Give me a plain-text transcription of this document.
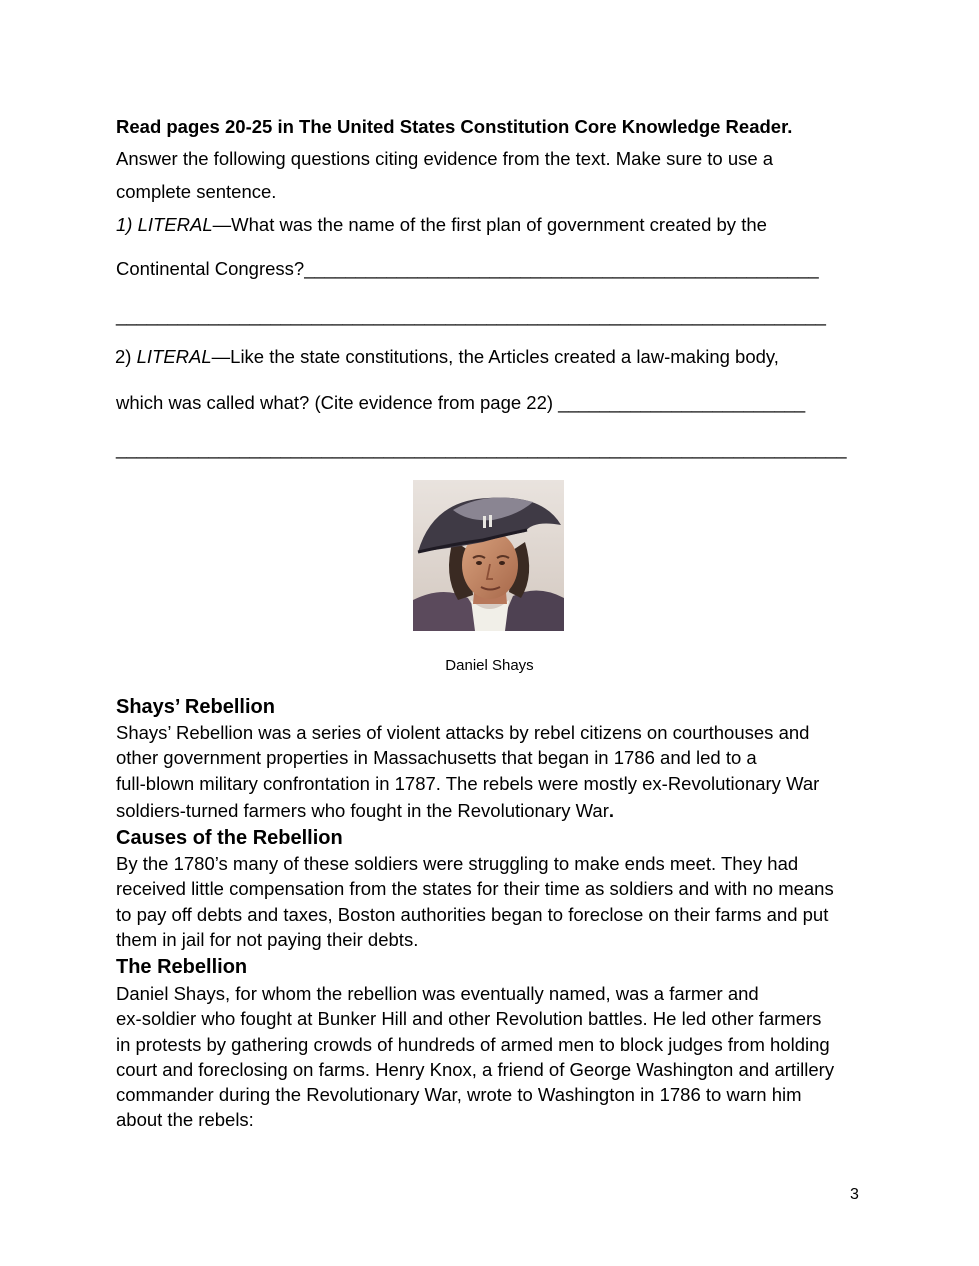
Read pages 20-25 in The United States Constitution Core Knowledge Reader.
Answer the following questions citing evidence from the text. Make sure to use a
complete sentence.
1) LITERAL—What was the name of the first plan of government created by the
Continental Congress?__________________________________________________
_____________________________________________________________________
2) LITERAL—Like the state constitutions, the Articles created a law-making body,
which was called what? (Cite evidence from page 22) ________________________
_______________________________________________________________________
Daniel Shays
Shays’ Rebellion
Shays’ Rebellion was a series of violent attacks by rebel citizens on courthouses and
other government properties in Massachusetts that began in 1786 and led to a
full-blown military confrontation in 1787. The rebels were mostly ex-Revolutionary War
soldiers-turned farmers who fought in the Revolutionary War.
Causes of the Rebellion
By the 1780’s many of these soldiers were struggling to make ends meet. They had
received little compensation from the states for their time as soldiers and with no means
to pay off debts and taxes, Boston authorities began to foreclose on their farms and put
them in jail for not paying their debts.
The Rebellion
Daniel Shays, for whom the rebellion was eventually named, was a farmer and
ex-soldier who fought at Bunker Hill and other Revolution battles. He led other farmers
in protests by gathering crowds of hundreds of armed men to block judges from holding
court and foreclosing on farms. Henry Knox, a friend of George Washington and artillery
commander during the Revolutionary War, wrote to Washington in 1786 to warn him
about the rebels:
3
